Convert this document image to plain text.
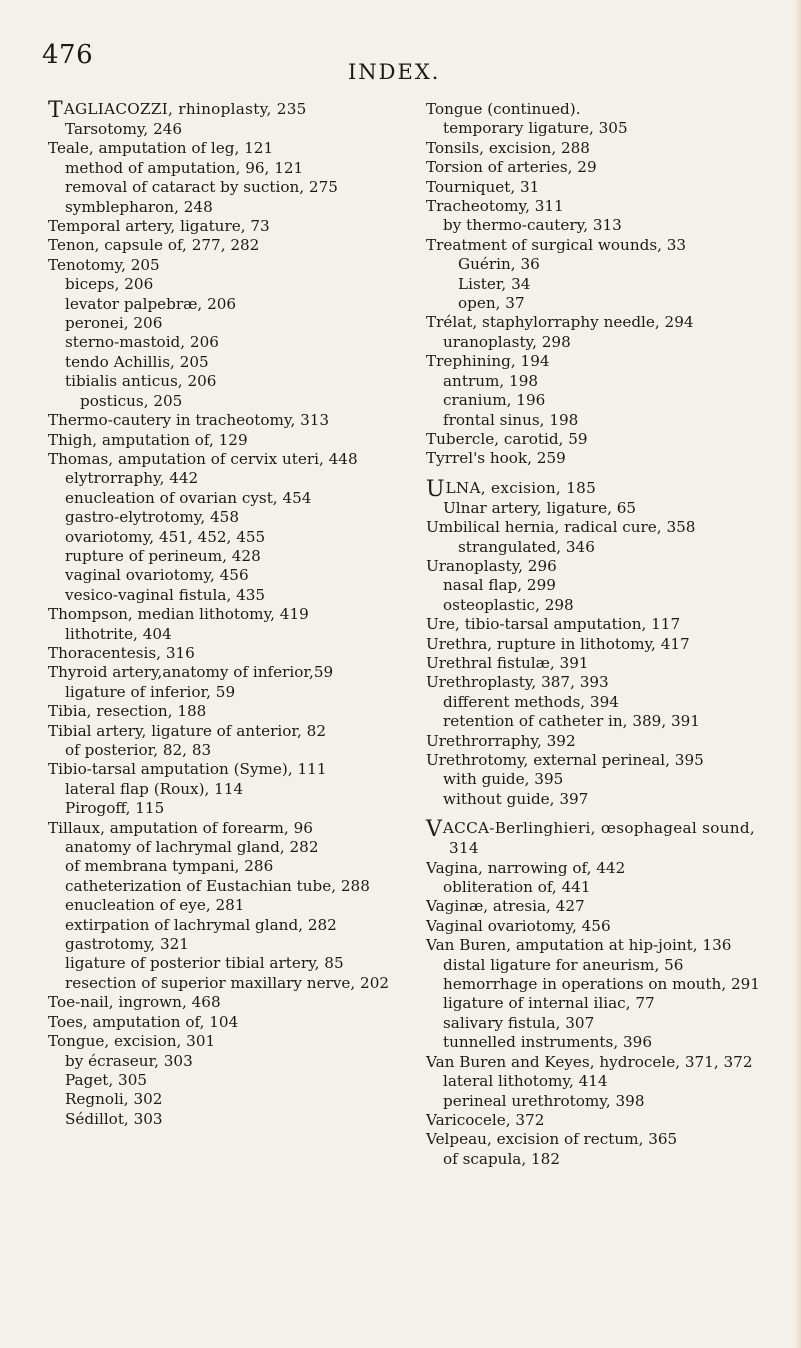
476
INDEX.
TAGLIACOZZI, rhinoplasty, 235
Tarsotomy, 246
Teale, amputation of leg, 121
method of amputation, 96, 121
removal of cataract by suction, 275
symblepharon, 248
Temporal artery, ligature, 73
Tenon, capsule of, 277, 282
Tenotomy, 205
biceps, 206
levator palpebræ, 206
peronei, 206
sterno-mastoid, 206
tendo Achillis, 205
tibialis anticus, 206
posticus, 205
Thermo-cautery in tracheotomy, 313
Thigh, amputation of, 129
Thomas, amputation of cervix uteri, 448
elytrorraphy, 442
enucleation of ovarian cyst, 454
gastro-elytrotomy, 458
ovariotomy, 451, 452, 455
rupture of perineum, 428
vaginal ovariotomy, 456
vesico-vaginal fistula, 435
Thompson, median lithotomy, 419
lithotrite, 404
Thoracentesis, 316
Thyroid artery,anatomy of inferior,59
ligature of inferior, 59
Tibia, resection, 188
Tibial artery, ligature of anterior, 82
of posterior, 82, 83
Tibio-tarsal amputation (Syme), 111
lateral flap (Roux), 114
Pirogoff, 115
Tillaux, amputation of forearm, 96
anatomy of lachrymal gland, 282
of membrana tympani, 286
catheterization of Eustachian tube, 288
enucleation of eye, 281
extirpation of lachrymal gland, 282
gastrotomy, 321
ligature of posterior tibial artery, 85
resection of superior maxillary nerve, 202
Toe-nail, ingrown, 468
Toes, amputation of, 104
Tongue, excision, 301
by écraseur, 303
Paget, 305
Regnoli, 302
Sédillot, 303
Tongue (continued).
temporary ligature, 305
Tonsils, excision, 288
Torsion of arteries, 29
Tourniquet, 31
Tracheotomy, 311
by thermo-cautery, 313
Treatment of surgical wounds, 33
Guérin, 36
Lister, 34
open, 37
Trélat, staphylorraphy needle, 294
uranoplasty, 298
Trephining, 194
antrum, 198
cranium, 196
frontal sinus, 198
Tubercle, carotid, 59
Tyrrel's hook, 259
ULNA, excision, 185
Ulnar artery, ligature, 65
Umbilical hernia, radical cure, 358
strangulated, 346
Uranoplasty, 296
nasal flap, 299
osteoplastic, 298
Ure, tibio-tarsal amputation, 117
Urethra, rupture in lithotomy, 417
Urethral fistulæ, 391
Urethroplasty, 387, 393
different methods, 394
retention of catheter in, 389, 391
Urethrorraphy, 392
Urethrotomy, external perineal, 395
with guide, 395
without guide, 397
VACCA-Berlinghieri, œsophageal sound, 314
Vagina, narrowing of, 442
obliteration of, 441
Vaginæ, atresia, 427
Vaginal ovariotomy, 456
Van Buren, amputation at hip-joint, 136
distal ligature for aneurism, 56
hemorrhage in operations on mouth, 291
ligature of internal iliac, 77
salivary fistula, 307
tunnelled instruments, 396
Van Buren and Keyes, hydrocele, 371, 372
lateral lithotomy, 414
perineal urethrotomy, 398
Varicocele, 372
Velpeau, excision of rectum, 365
of scapula, 182
